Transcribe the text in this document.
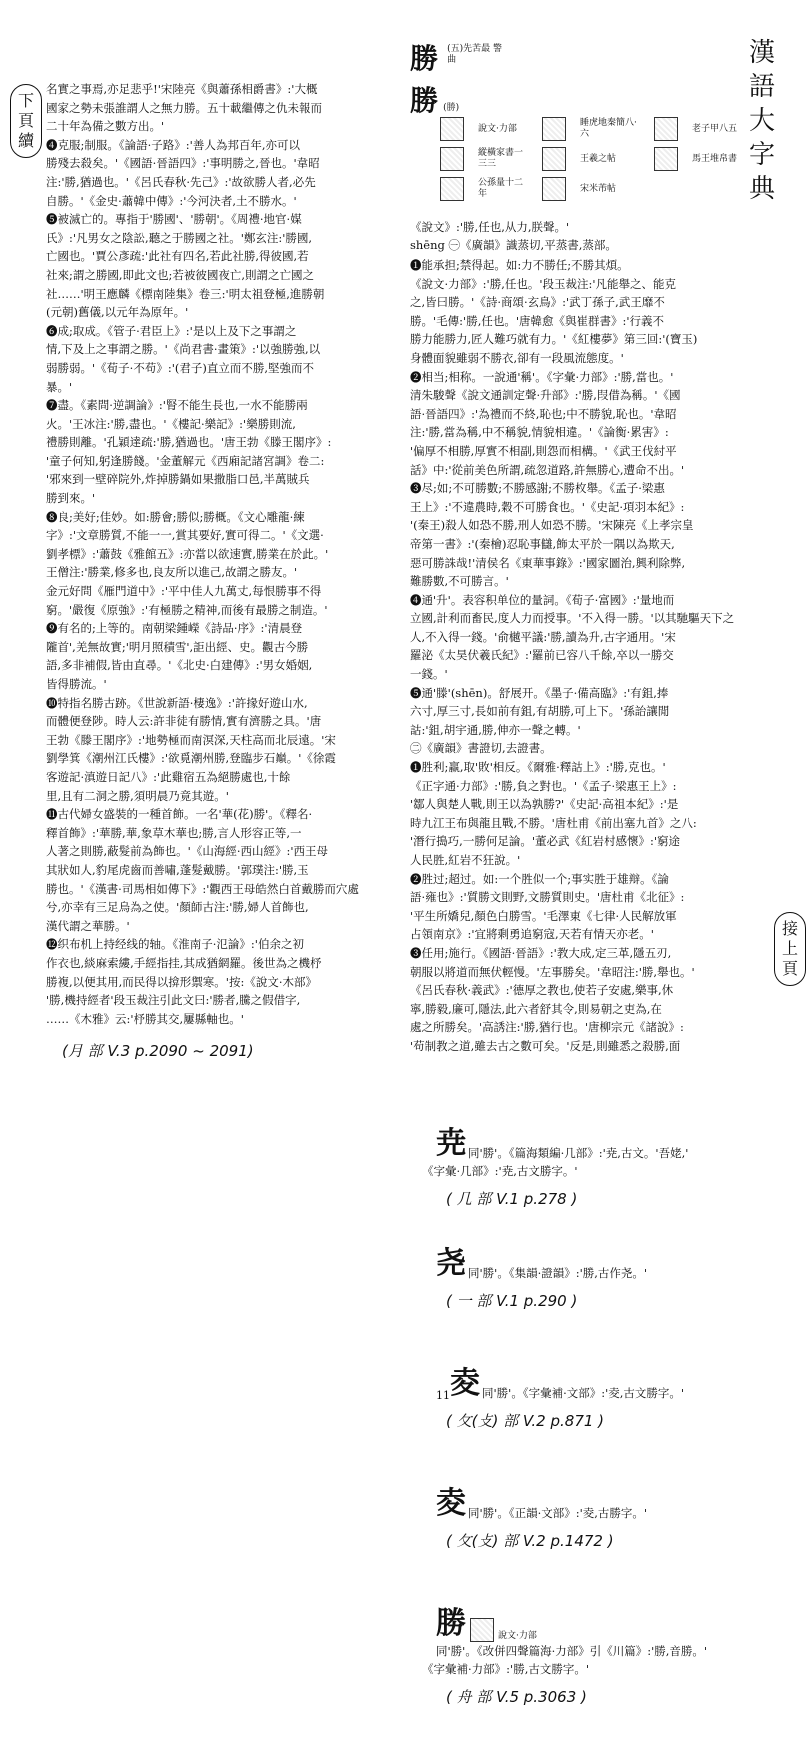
漢語大字典
下頁續
接上頁

名實之事焉,亦足悲乎!'宋陸亮《與蕭孫相爵書》:'大概

國家之勢未張誰謂人之無力勝。五十載繼傳之仇未報而

二十年為備之數方出。'

❹克服;制服。《論語·子路》:'善人為邦百年,亦可以

勝殘去殺矣。'《國語·晉語四》:'事明勝之,晉也。'韋昭

注:'勝,猶過也。'《呂氏春秋·先己》:'故欲勝人者,必先

自勝。'《金史·蕭韓中傳》:'今河決者,土不勝水。'

❺被滅亡的。專指于'勝國'、'勝朝'。《周禮·地官·媒

氏》:'凡男女之陰訟,聽之于勝國之社。'鄭玄注:'勝國,

亡國也。'賈公彥疏:'此社有四名,若此社勝,得彼國,若

社來;謂之勝國,即此文也;若被彼國夜亡,則謂之亡國之

社……'明王應麟《標南陸集》卷三:'明太祖登極,進勝朝

(元朝)舊儀,以元年為原年。'

❻成;取成。《管子·君臣上》:'是以上及下之事謂之

情,下及上之事謂之勝。'《尚君書·畫策》:'以強勝強,以

弱勝弱。'《荀子·不苟》:'(君子)直立而不勝,堅強而不

暴。'

❼盡。《素問·逆調論》:'腎不能生長也,一水不能勝兩

火。'王冰注:'勝,盡也。'《樓記·樂記》:'樂勝則流,

禮勝則離。'孔穎達疏:'勝,猶過也。'唐王勃《滕王閣序》:

'童子何知,躬逢勝餞。'金董解元《西廂記諸宮調》卷二:

'邪來到一壁碎院外,炸掉勝鍋如果撒脂口邑,半萬賊兵

勝到來。'

❽良;美好;佳妙。如:勝會;勝似;勝概。《文心雕龍·練

字》:'文章勝質,不能一一,賞其要好,實可得二。'《文選·

劉孝標》:'蕭鼓《雅館五》:亦當以欲速實,勝業在於此。'

王僧注:'勝業,修多也,良友所以進己,故謂之勝友。'

金元好問《雁門道中》:'平中佳人九萬丈,每恨勝事不得

窮。'嚴復《原強》:'有極勝之精神,而後有最勝之制造。'

❾有名的;上等的。南朝梁鍾嶸《詩品·序》:'清晨登

隴首',羌無故實;'明月照積雪',詎出經、史。觀古今勝

語,多非補假,皆由直尋。'《北史·白建傳》:'男女婚姻,

皆得勝流。'

❿特指名勝古跡。《世說新語·棲逸》:'許掾好遊山水,

而體便登陟。時人云:許非徒有勝情,實有濟勝之具。'唐

王勃《滕王閣序》:'地勢極而南溟深,天柱高而北辰遠。'宋

劉學箕《潮州江氏樓》:'欲覓潮州勝,登臨步石巔。'《徐霞

客遊記·滇遊日記八》:'此雞宿五為絕勝處也,十餘

里,且有二洞之勝,須明晨乃竟其遊。'

⓫古代婦女盛裝的一種首飾。一名'華(花)勝'。《釋名·

釋首飾》:'華勝,華,象草木華也;勝,言人形容正等,一

人著之則勝,蔽髮前為飾也。'《山海經·西山經》:'西王母

其狀如人,豹尾虎齒而善嘯,蓬髮戴勝。'郭璞注:'勝,玉

勝也。'《漢書·司馬相如傳下》:'觀西王母皓然白首戴勝而穴處

兮,亦幸有三足烏為之使。'顏師古注:'勝,婦人首飾也,

漢代謂之華勝。'

⓬织布机上持经线的轴。《淮南子·氾論》:'伯余之初

作衣也,緂麻索縷,手經指挂,其成猶網羅。後世為之機杼

勝複,以便其用,而民得以揜形禦寒。'按:《說文·木部》

'勝,機持經者'段玉裁注引此文曰:'勝者,騰之假借字,

……《木雅》云:'杼勝其交,屢縣軸也。'

(月 部 V.3 p.2090 ~ 2091)
勝 (五)先苦最 警曲
勝 (勝)
說文·力部
睡虎地秦簡八·六
老子甲八五
縱橫家書一三三
王羲之帖	馬王堆帛書
公孫量十二年
宋米芾帖
《說文》:'勝,任也,从力,朕聲。'
shēng ㊀《廣韻》識蒸切,平蒸書,蒸部。

❶能承担;禁得起。如:力不勝任;不勝其煩。

《說文·力部》:'勝,任也。'段玉裁注:'凡能舉之、能克

之,皆曰勝。'《詩·商頌·玄鳥》:'武丁孫子,武王靡不

勝。'毛傳:'勝,任也。'唐韓愈《與崔群書》:'行義不

勝力能勝力,匠人難巧就有力。'《紅樓夢》第三回:'(寶玉)

身體面貌雖弱不勝衣,卻有一段風流態度。'

❷相当;相称。一說通'稱'。《字彙·力部》:'勝,當也。'

清朱駿聲《說文通訓定聲·升部》:'勝,叚借為稱。'《國

語·晉語四》:'為禮而不終,恥也;中不勝貌,恥也。'韋昭

注:'勝,當為稱,中不稱貌,情貌相違。'《論衡·累害》:

'偏厚不相勝,厚實不相副,則怨而相構。'《武王伐紂平

話》中:'從前美色所謂,疏忽道路,許無勝心,遭命不出。'

❸尽;如;不可勝數;不勝感謝;不勝枚舉。《孟子·梁惠

王上》:'不違農時,穀不可勝食也。'《史記·項羽本紀》:

'(秦王)殺人如恐不勝,刑人如恐不勝。'宋陳亮《上孝宗皇

帝第一書》:'(秦檜)忍恥事讎,飾太平於一隅以為欺天,

惡可勝誅哉!'清侯名《東華事錄》:'國家圖治,興利除弊,

難勝數,不可勝言。'

❹通'升'。表容积单位的量詞。《荀子·富國》:'量地而

立國,計利而畜民,度人力而授事。'不入得一勝。'以其馳驅天下之

人,不入得一錢。'俞樾平議:'勝,讀為升,古字通用。'宋

羅泌《太昊伏羲氏紀》:'羅前已容八千餘,卒以一勝交

一錢。'

❺通'滕'(shēn)。舒展开。《墨子·備高臨》:'有鉏,捧

六寸,厚三寸,長如前有鉏,有胡勝,可上下。'孫詒讓閒

詁:'鉏,胡宇通,勝,伸亦一聲之轉。'

㊁《廣韻》書證切,去證書。

❶胜利;赢,取'敗'相反。《爾雅·釋詁上》:'勝,克也。'

《正字通·力部》:'勝,負之對也。'《孟子·梁惠王上》:

'鄒人與楚人戰,則王以為孰勝?'《史記·高祖本紀》:'是

時九江王布與龍且戰,不勝。'唐杜甫《前出塞九首》之八:

'潛行搗巧,一勝何足論。'董必武《紅岩村感懷》:'窮途

人民胜,紅岩不狂說。'

❷胜过;超过。如:一个胜似一个;事实胜于雄辩。《論

語·雍也》:'質勝文則野,文勝質則史。'唐杜甫《北征》:

'平生所嬌兒,顏色白勝雪。'毛澤東《七律·人民解放軍

占領南京》:'宜將剩勇追窮寇,天若有情天亦老。'

❸任用;施行。《國語·晉語》:'教大成,定三革,隱五刃,

朝服以將道而無伏輕慢。'左事勝矣。'韋昭注:'勝,舉也。'

《呂氏春秋·義武》:'德厚之教也,使若子安處,樂事,休

寧,勝毅,廉可,隱法,此六者舒其令,則易朝之吏為,在

處之所勝矣。'高誘注:'勝,猶行也。'唐柳宗元《諸說》:

'苟制教之道,雖去古之數可矣。'反是,則雖悉之殺勝,面

尭 同'勝'。《篇海類編·几部》:'尭,古文。'吾姥,'
《字彙·几部》:'尭,古文勝字。'
( 几 部 V.1 p.278 )
尧 同'勝'。《集韻·證韻》:'勝,古作尧。'
( 一 部 V.1 p.290 )
11 夌 同'勝'。《字彙補·文部》:'夌,古文勝字。'
( 攵(攴) 部 V.2 p.871 )
夌 同'勝'。《正韻·文部》:'夌,古勝字。'
( 攵(攴) 部 V.2 p.1472 )
勝	說文·力部
同'勝'。《改併四聲篇海·力部》引《川篇》:'勝,音勝。'
《字彙補·力部》:'勝,古文勝字。'
( 舟 部 V.5 p.3063 )
